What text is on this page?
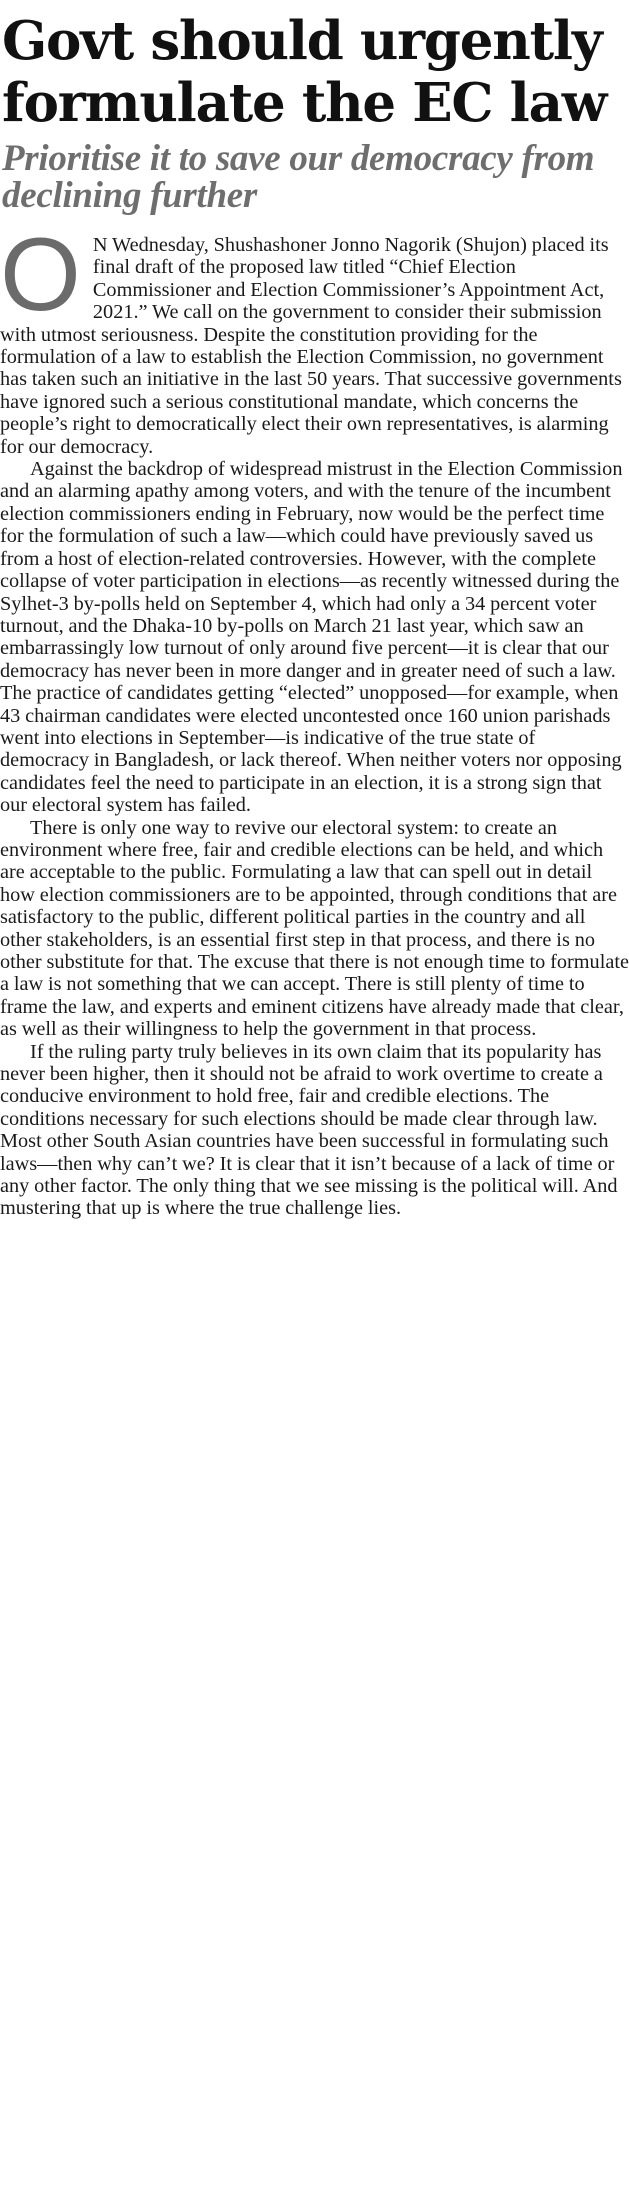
Govt should urgently formulate the EC law
Prioritise it to save our democracy from declining further

O N Wednesday, Shushashoner Jonno Nagorik (Shujon) placed its final draft of the proposed law titled “Chief Election Commissioner and Election Commissioner’s Appointment Act, 2021.” We call on the government to consider their submission with utmost seriousness. Despite the constitution providing for the formulation of a law to establish the Election Commission, no government has taken such an initiative in the last 50 years. That successive governments have ignored such a serious constitutional mandate, which concerns the people’s right to democratically elect their own representatives, is alarming for our democracy.

Against the backdrop of widespread mistrust in the Election Commission and an alarming apathy among voters, and with the tenure of the incumbent election commissioners ending in February, now would be the perfect time for the formulation of such a law—which could have previously saved us from a host of election-related controversies. However, with the complete collapse of voter participation in elections—as recently witnessed during the Sylhet-3 by-polls held on September 4, which had only a 34 percent voter turnout, and the Dhaka-10 by-polls on March 21 last year, which saw an embarrassingly low turnout of only around five percent—it is clear that our democracy has never been in more danger and in greater need of such a law. The practice of candidates getting “elected” unopposed—for example, when 43 chairman candidates were elected uncontested once 160 union parishads went into elections in September—is indicative of the true state of democracy in Bangladesh, or lack thereof. When neither voters nor opposing candidates feel the need to participate in an election, it is a strong sign that our electoral system has failed.

There is only one way to revive our electoral system: to create an environment where free, fair and credible elections can be held, and which are acceptable to the public. Formulating a law that can spell out in detail how election commissioners are to be appointed, through conditions that are satisfactory to the public, different political parties in the country and all other stakeholders, is an essential first step in that process, and there is no other substitute for that. The excuse that there is not enough time to formulate a law is not something that we can accept. There is still plenty of time to frame the law, and experts and eminent citizens have already made that clear, as well as their willingness to help the government in that process.

If the ruling party truly believes in its own claim that its popularity has never been higher, then it should not be afraid to work overtime to create a conducive environment to hold free, fair and credible elections. The conditions necessary for such elections should be made clear through law. Most other South Asian countries have been successful in formulating such laws—then why can’t we? It is clear that it isn’t because of a lack of time or any other factor. The only thing that we see missing is the political will. And mustering that up is where the true challenge lies.
